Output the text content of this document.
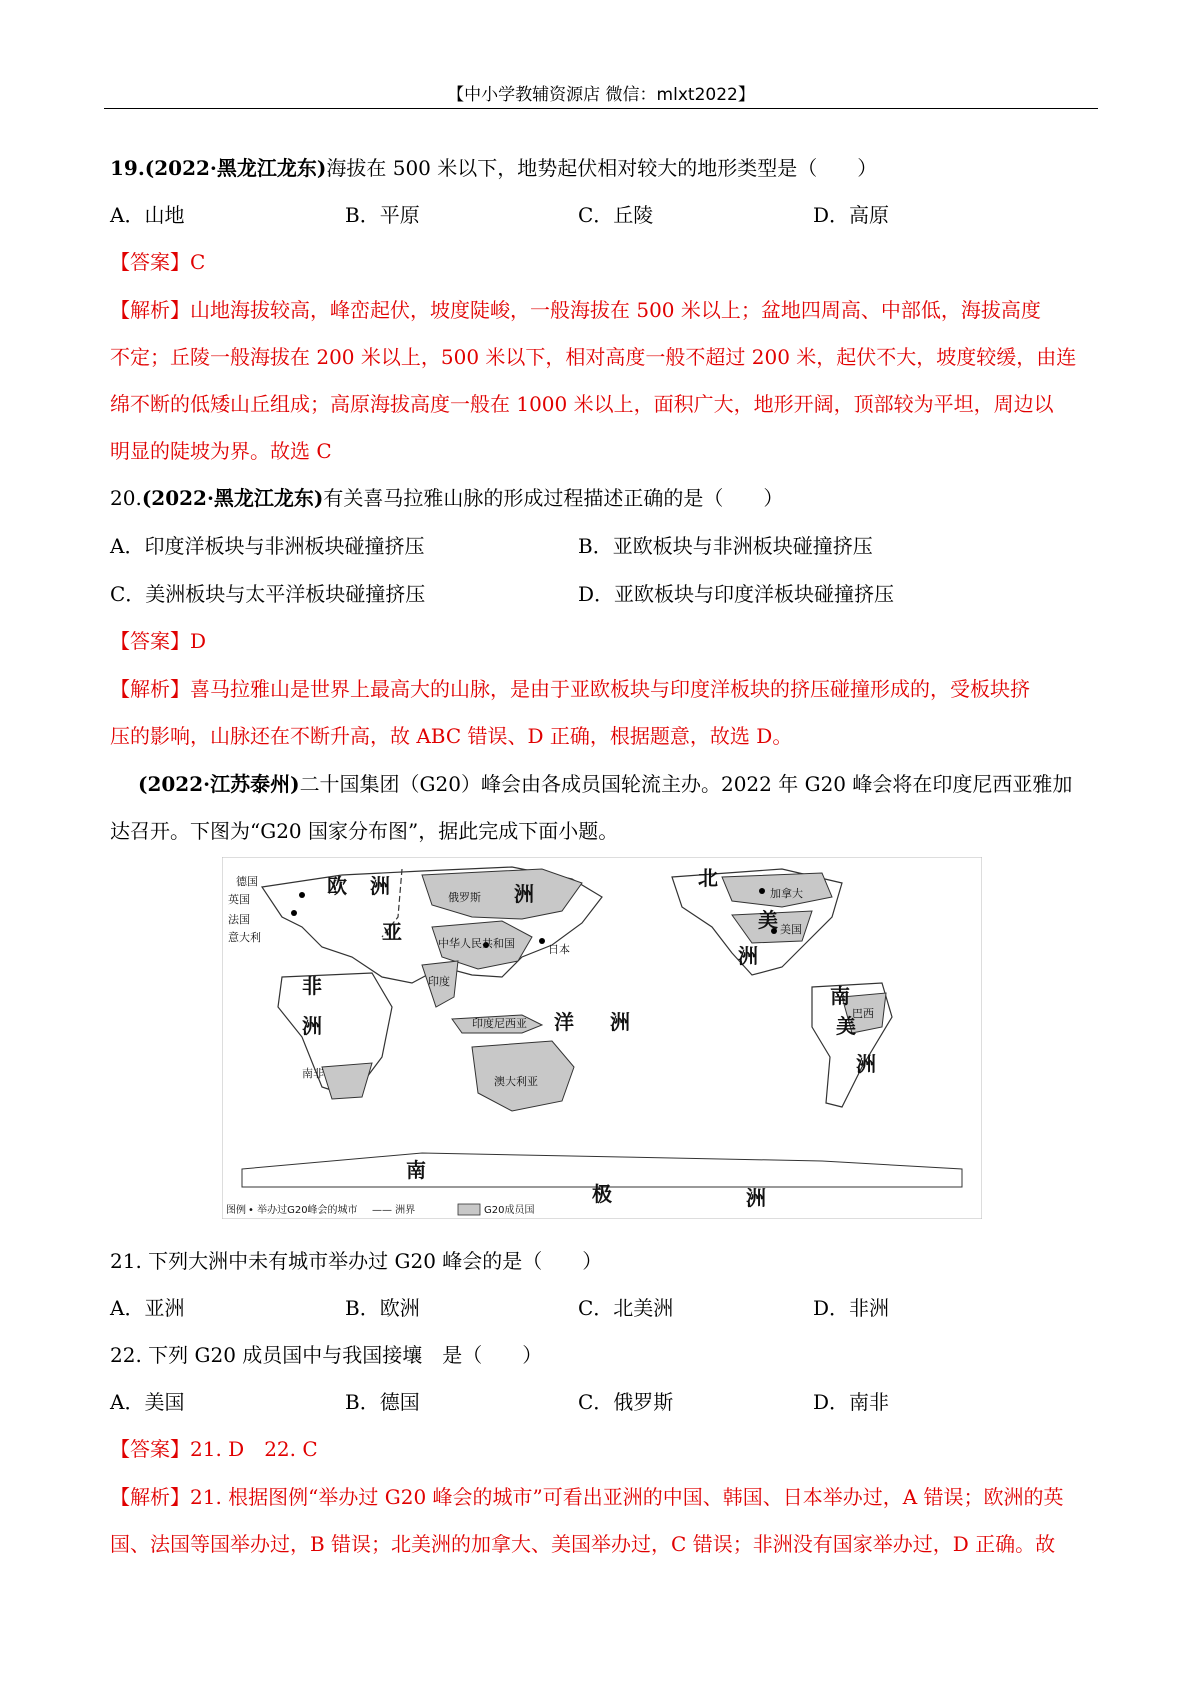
【中小学教辅资源店 微信：mlxt2022】
19.(2022·黑龙江龙东)海拔在 500 米以下，地势起伏相对较大的地形类型是（　　）
A．山地	B．平原	C．丘陵	D．高原
【答案】C
【解析】山地海拔较高，峰峦起伏，坡度陡峻，一般海拔在 500 米以上；盆地四周高、中部低，海拔高度
不定；丘陵一般海拔在 200 米以上，500 米以下，相对高度一般不超过 200 米，起伏不大，坡度较缓，由连
绵不断的低矮山丘组成；高原海拔高度一般在 1000 米以上，面积广大，地形开阔，顶部较为平坦，周边以
明显的陡坡为界。故选 C
20.(2022·黑龙江龙东)有关喜马拉雅山脉的形成过程描述正确的是（　　）
A．印度洋板块与非洲板块碰撞挤压	B．亚欧板块与非洲板块碰撞挤压
C．美洲板块与太平洋板块碰撞挤压	D．亚欧板块与印度洋板块碰撞挤压
【答案】D
【解析】喜马拉雅山是世界上最高大的山脉，是由于亚欧板块与印度洋板块的挤压碰撞形成的，受板块挤
压的影响，山脉还在不断升高，故 ABC 错误、D 正确，根据题意，故选 D。
(2022·江苏泰州)二十国集团（G20）峰会由各成员国轮流主办。2022 年 G20 峰会将在印度尼西亚雅加
达召开。下图为“G20 国家分布图”，据此完成下面小题。
欧 洲
亚
洲
非
洲	洋 洲
北
美
洲
南
美
洲
南
极	洲
俄罗斯
中华人民共和国
印度
日本
德国
英国
法国
意大利
加拿大
美国
巴西
澳大利亚
南非
印度尼西亚
图例 • 举办过G20峰会的城市 —— 洲界	G20成员国
21. 下列大洲中未有城市举办过 G20 峰会的是（　　）
A．亚洲	B．欧洲	C．北美洲	D．非洲
22. 下列 G20 成员国中与我国接壤　是（　　）
A．美国	B．德国	C．俄罗斯	D．南非
【答案】21. D　22. C
【解析】21. 根据图例“举办过 G20 峰会的城市”可看出亚洲的中国、韩国、日本举办过，A 错误；欧洲的英
国、法国等国举办过，B 错误；北美洲的加拿大、美国举办过，C 错误；非洲没有国家举办过，D 正确。故
